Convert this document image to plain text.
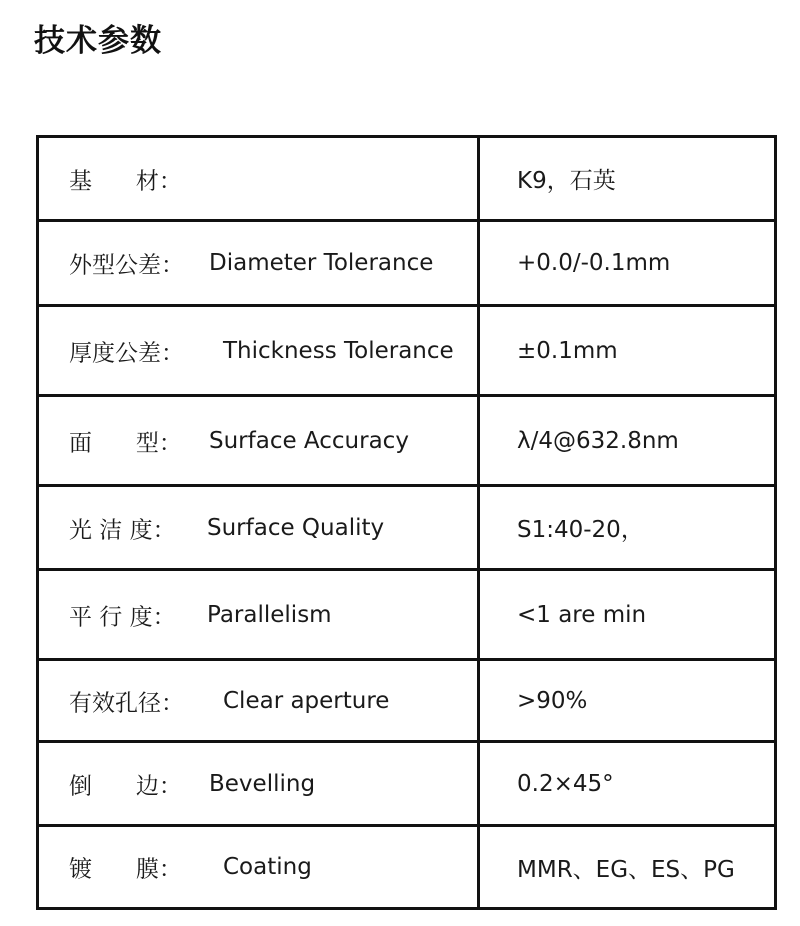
技术参数
基      材：	K9，石英

外型公差： Diameter Tolerance	+0.0/-0.1mm

厚度公差： Thickness Tolerance	±0.1mm

面      型： Surface Accuracy	λ/4@632.8nm

光 洁 度： Surface Quality	S1:40-20，

平 行 度： Parallelism	<1 are min

有效孔径： Clear aperture	>90%

倒      边： Bevelling	0.2×45°

镀      膜： Coating	MMR、EG、ES、PG
